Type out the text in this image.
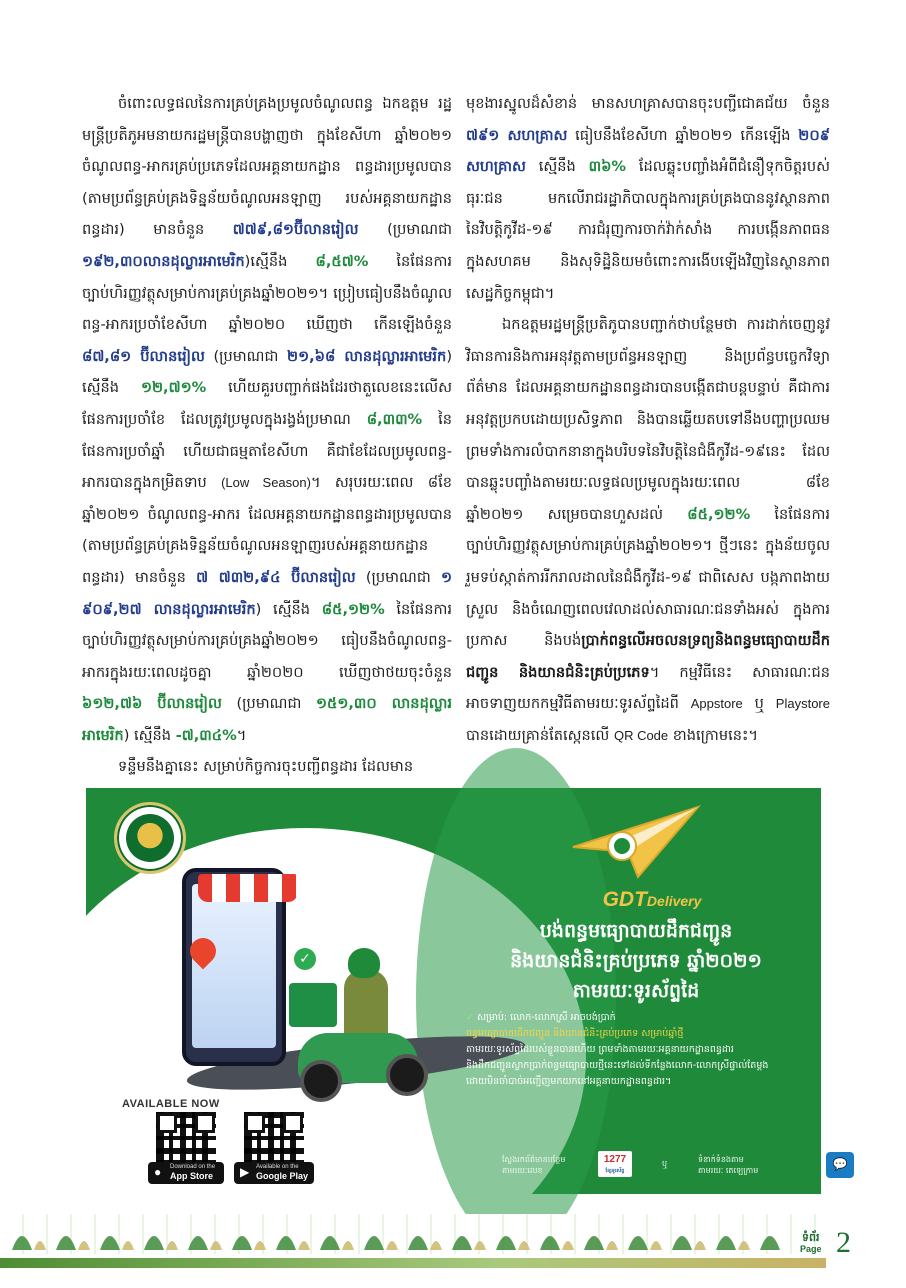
ចំពោះលទ្ធផលនៃការគ្រប់គ្រងប្រមូលចំណូលពន្ធ ឯកឧត្តម រដ្ឋមន្ត្រីប្រតិភូអមនាយករដ្ឋមន្ត្រីបានបង្ហាញថា ក្នុងខែសីហា ឆ្នាំ២០២១ ចំណូលពន្ធ-អាករគ្រប់ប្រភេទដែលអគ្គនាយកដ្ឋាន ពន្ធដារប្រមូលបាន (តាមប្រព័ន្ធគ្រប់គ្រងទិន្នន័យចំណូលអនឡាញ របស់អគ្គនាយកដ្ឋានពន្ធដារ) មានចំនួន ៧៧៩,៨១ប៊ីលានរៀល (ប្រមាណជា ១៩២,៣០លានដុល្លារអាមេរិក)ស្មើនឹង ៨,៥៧% នៃផែនការច្បាប់ហិរញ្ញវត្ថុសម្រាប់ការគ្រប់គ្រងឆ្នាំ២០២១។ ប្រៀបធៀបនឹងចំណូលពន្ធ-អាករប្រចាំខែសីហា ឆ្នាំ២០២០ ឃើញថា កើនឡើងចំនួន ៨៧,៨១ ប៊ីលានរៀល (ប្រមាណជា ២១,៦៨ លានដុល្លារអាមេរិក) ស្មើនឹង ១២,៧១% ហើយគួរបញ្ជាក់ផងដែរថាតួលេខនេះលើសផែនការប្រចាំខែ ដែលត្រូវប្រមូលក្នុងរង្វង់ប្រមាណ ៨,៣៣% នៃផែនការប្រចាំឆ្នាំ ហើយជាធម្មតាខែសីហា គឺជាខែដែលប្រមូលពន្ធ-អាករបានក្នុងកម្រិតទាប (Low Season)។ សរុបរយៈពេល ៨ខែ ឆ្នាំ២០២១ ចំណូលពន្ធ-អាករ ដែលអគ្គនាយកដ្ឋានពន្ធដារប្រមូលបាន (តាមប្រព័ន្ធគ្រប់គ្រងទិន្នន័យចំណូលអនឡាញរបស់អគ្គនាយកដ្ឋានពន្ធដារ) មានចំនួន ៧ ៧៣២,៩៤ ប៊ីលានរៀល (ប្រមាណជា ១ ៩០៩,២៧ លានដុល្លារអាមេរិក) ស្មើនឹង ៨៥,១២% នៃផែនការច្បាប់ហិរញ្ញវត្ថុសម្រាប់ការគ្រប់គ្រងឆ្នាំ២០២១ ធៀបនឹងចំណូលពន្ធ-អាករក្នុងរយៈពេលដូចគ្នា ឆ្នាំ២០២០ ឃើញថាថយចុះចំនួន ៦១២,៧៦ ប៊ីលានរៀល (ប្រមាណជា ១៥១,៣០ លានដុល្លារអាមេរិក) ស្មើនឹង -៧,៣៤%។

ទន្ទឹមនឹងគ្នានេះ សម្រាប់កិច្ចការចុះបញ្ជីពន្ធដារ ដែលមាន

មុខងារស្នូលដ៏សំខាន់ មានសហគ្រាសបានចុះបញ្ជីជោគជ័យ ចំនួន ៧៩១ សហគ្រាស ធៀបនឹងខែសីហា ឆ្នាំ២០២១ កើនឡើង ២០៩ សហគ្រាស ស្មើនឹង ៣៦% ដែលឆ្លុះបញ្ចាំងអំពីជំនឿទុកចិត្តរបស់ធុរៈជន មកលើរាជរដ្ឋាភិបាលក្នុងការគ្រប់គ្រងបាននូវស្ថានភាពនៃវិបត្តិកូវីដ-១៩ ការជំរុញការចាក់វ៉ាក់សាំង ការបង្កើនភាពធនក្នុងសហគម និងសុទិដ្ឋិនិយមចំពោះការងើបឡើងវិញនៃស្ថានភាពសេដ្ឋកិច្ចកម្ពុជា។

ឯកឧត្តមរដ្ឋមន្ត្រីប្រតិភូបានបញ្ជាក់ថាបន្ថែមថា ការដាក់ចេញនូវវិធានការនិងការអនុវត្តតាមប្រព័ន្ធអនឡាញ និងប្រព័ន្ធបច្ចេកវិទ្យាព័ត៌មាន ដែលអគ្គនាយកដ្ឋានពន្ធដារបានបង្កើតជាបន្តបន្ទាប់ គឺជាការអនុវត្តប្រកបដោយប្រសិទ្ធភាព និងបានឆ្លើយតបទៅនឹងបញ្ហាប្រឈមព្រមទាំងការលំបាកនានាក្នុងបរិបទនៃវិបត្តិនៃជំងឺកូវីដ-១៩នេះ ដែលបានឆ្លុះបញ្ចាំងតាមរយៈលទ្ធផលប្រមូលក្នុងរយៈពេល ៨ខែ ឆ្នាំ២០២១ សម្រេចបានហួសដល់ ៨៥,១២% នៃផែនការច្បាប់ហិរញ្ញវត្ថុសម្រាប់ការគ្រប់គ្រងឆ្នាំ២០២១។ ថ្មីៗនេះ ក្នុងន័យចូលរួមទប់ស្កាត់ការរីករាលដាលនៃជំងឺកូវីដ-១៩ ជាពិសេស បង្កភាពងាយស្រួល និងចំណេញពេលវេលាដល់សាធារណៈជនទាំងអស់ ក្នុងការប្រកាស និងបង់ប្រាក់ពន្ធលើអចលនទ្រព្យនិងពន្ធមធ្យោបាយដឹកជញ្ជូន និងយានជំនិះគ្រប់ប្រភេទ។ កម្មវិធីនេះ សាធារណៈជនអាចទាញយកកម្មវិធីតាមរយៈទូរស័ព្ទដៃពី Appstore ឬ Playstore បានដោយគ្រាន់តែស្កេនលើ QR Code ខាងក្រោមនេះ។

✓
AVAILABLE NOW
● Download on the
App Store	▶ Available on the
Google Play
GDTDelivery
បង់ពន្ធមធ្យោបាយដឹកជញ្ជូន
និងយានជំនិះគ្រប់ប្រភេទ ឆ្នាំ២០២១
តាមរយៈទូរស័ព្ទដៃ
✓ សម្រាប់: លោក-លោកស្រី អាចបង់ប្រាក់
ពន្ធមធ្យោបាយដឹកជញ្ជូន និងយានជំនិះគ្រប់ប្រភេទ សម្រាប់ឆ្នាំថ្មី
តាមរយៈទូរស័ព្ទដៃរបស់ខ្លួនបានហើយ ព្រមទាំងតាមរយៈអគ្គនាយកដ្ឋានពន្ធដារ
និងដឹកជញ្ជូនស្លាកប្រាក់ពន្ធមធ្យោបាយថ្មីនេះទៅដល់ទីកន្លែងលោក-លោកស្រីផ្ទាល់តែម្តង
ដោយមិនចាំបាច់អញ្ជើញមកយកនៅអគ្គនាយកដ្ឋានពន្ធដារ។
ស្វែងរកព័ត៌មានបន្ថែម
តាមរយៈលេខ
1277
ខ្សែទូរស័ព្ទ
ឬ	ទំនាក់ទំនងតាម
តាមរយៈ តេឡេក្រាម	💬
ទំព័រ
Page 2
